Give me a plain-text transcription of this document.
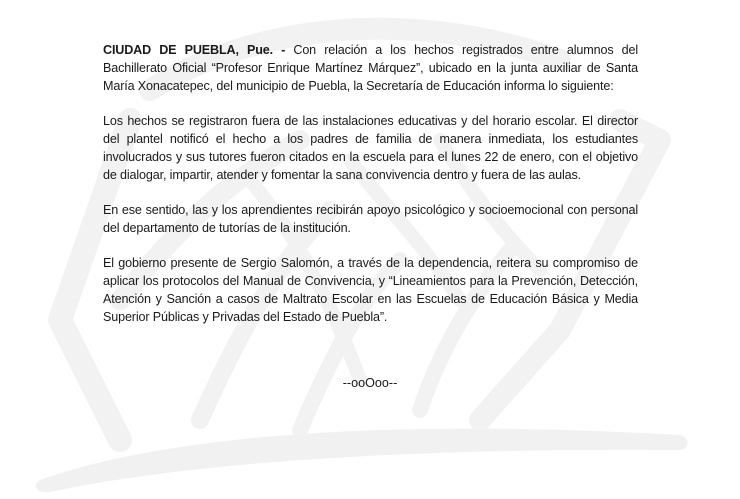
CIUDAD DE PUEBLA, Pue. - Con relación a los hechos registrados entre alumnos del Bachillerato Oficial “Profesor Enrique Martínez Márquez”, ubicado en la junta auxiliar de Santa María Xonacatepec, del municipio de Puebla, la Secretaría de Educación informa lo siguiente:

Los hechos se registraron fuera de las instalaciones educativas y del horario escolar. El director del plantel notificó el hecho a los padres de familia de manera inmediata, los estudiantes involucrados y sus tutores fueron citados en la escuela para el lunes 22 de enero, con el objetivo de dialogar, impartir, atender y fomentar la sana convivencia dentro y fuera de las aulas.

En ese sentido, las y los aprendientes recibirán apoyo psicológico y socioemocional con personal del departamento de tutorías de la institución.

El gobierno presente de Sergio Salomón, a través de la dependencia, reitera su compromiso de aplicar los protocolos del Manual de Convivencia, y “Lineamientos para la Prevención, Detección, Atención y Sanción a casos de Maltrato Escolar en las Escuelas de Educación Básica y Media Superior Públicas y Privadas del Estado de Puebla”.

--ooOoo--
